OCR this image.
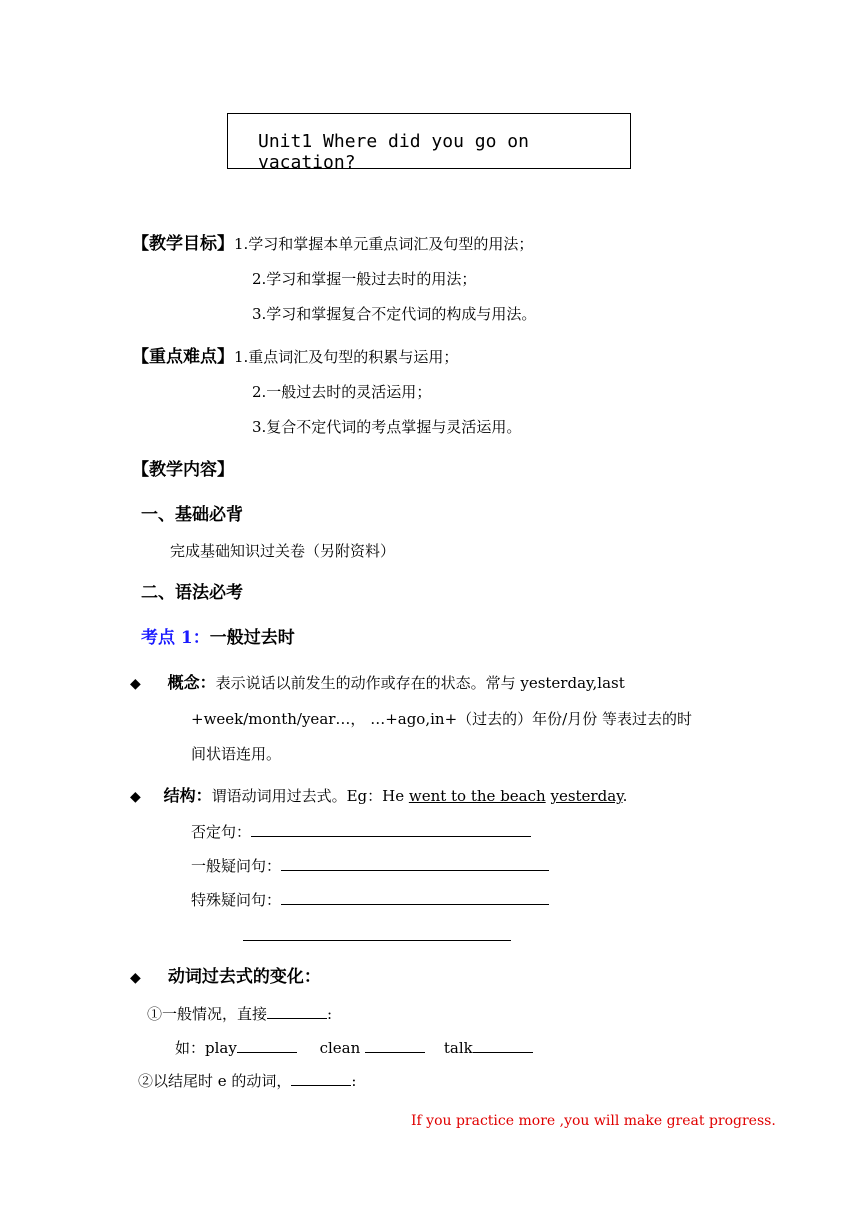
Unit1 Where did you go on vacation?
【教学目标】1.学习和掌握本单元重点词汇及句型的用法；
2.学习和掌握一般过去时的用法；
3.学习和掌握复合不定代词的构成与用法。
【重点难点】1.重点词汇及句型的积累与运用；
2.一般过去时的灵活运用；
3.复合不定代词的考点掌握与灵活运用。
【教学内容】
一、基础必背
完成基础知识过关卷（另附资料）
二、语法必考
考点 1：一般过去时
◆ 概念：表示说话以前发生的动作或存在的状态。常与 yesterday,last
+week/month/year…， …+ago,in+（过去的）年份/月份 等表过去的时
间状语连用。
◆ 结构：谓语动词用过去式。Eg：He went to the beach yesterday.
否定句：
一般疑问句：
特殊疑问句：
◆ 动词过去式的变化：
①一般情况，直接	:
如：play	clean	talk
②以结尾时 e 的动词，	:
If you practice more ,you will make great progress.
